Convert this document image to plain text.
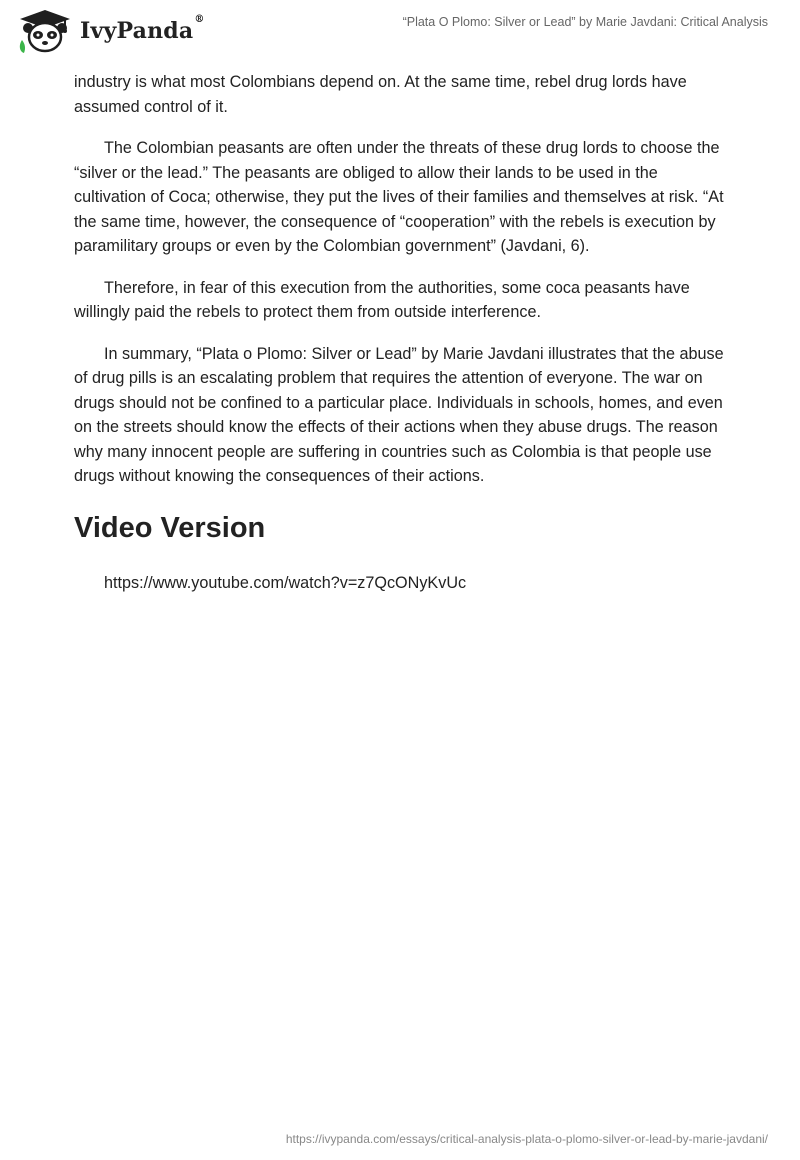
IvyPanda®	“Plata O Plomo: Silver or Lead” by Marie Javdani: Critical Analysis

industry is what most Colombians depend on. At the same time, rebel drug lords have assumed control of it.

The Colombian peasants are often under the threats of these drug lords to choose the “silver or the lead.” The peasants are obliged to allow their lands to be used in the cultivation of Coca; otherwise, they put the lives of their families and themselves at risk. “At the same time, however, the consequence of “cooperation” with the rebels is execution by paramilitary groups or even by the Colombian government” (Javdani, 6).

Therefore, in fear of this execution from the authorities, some coca peasants have willingly paid the rebels to protect them from outside interference.

In summary, “Plata o Plomo: Silver or Lead” by Marie Javdani illustrates that the abuse of drug pills is an escalating problem that requires the attention of everyone. The war on drugs should not be confined to a particular place. Individuals in schools, homes, and even on the streets should know the effects of their actions when they abuse drugs. The reason why many innocent people are suffering in countries such as Colombia is that people use drugs without knowing the consequences of their actions.

Video Version
https://www.youtube.com/watch?v=z7QcONyKvUc
https://ivypanda.com/essays/critical-analysis-plata-o-plomo-silver-or-lead-by-marie-javdani/
